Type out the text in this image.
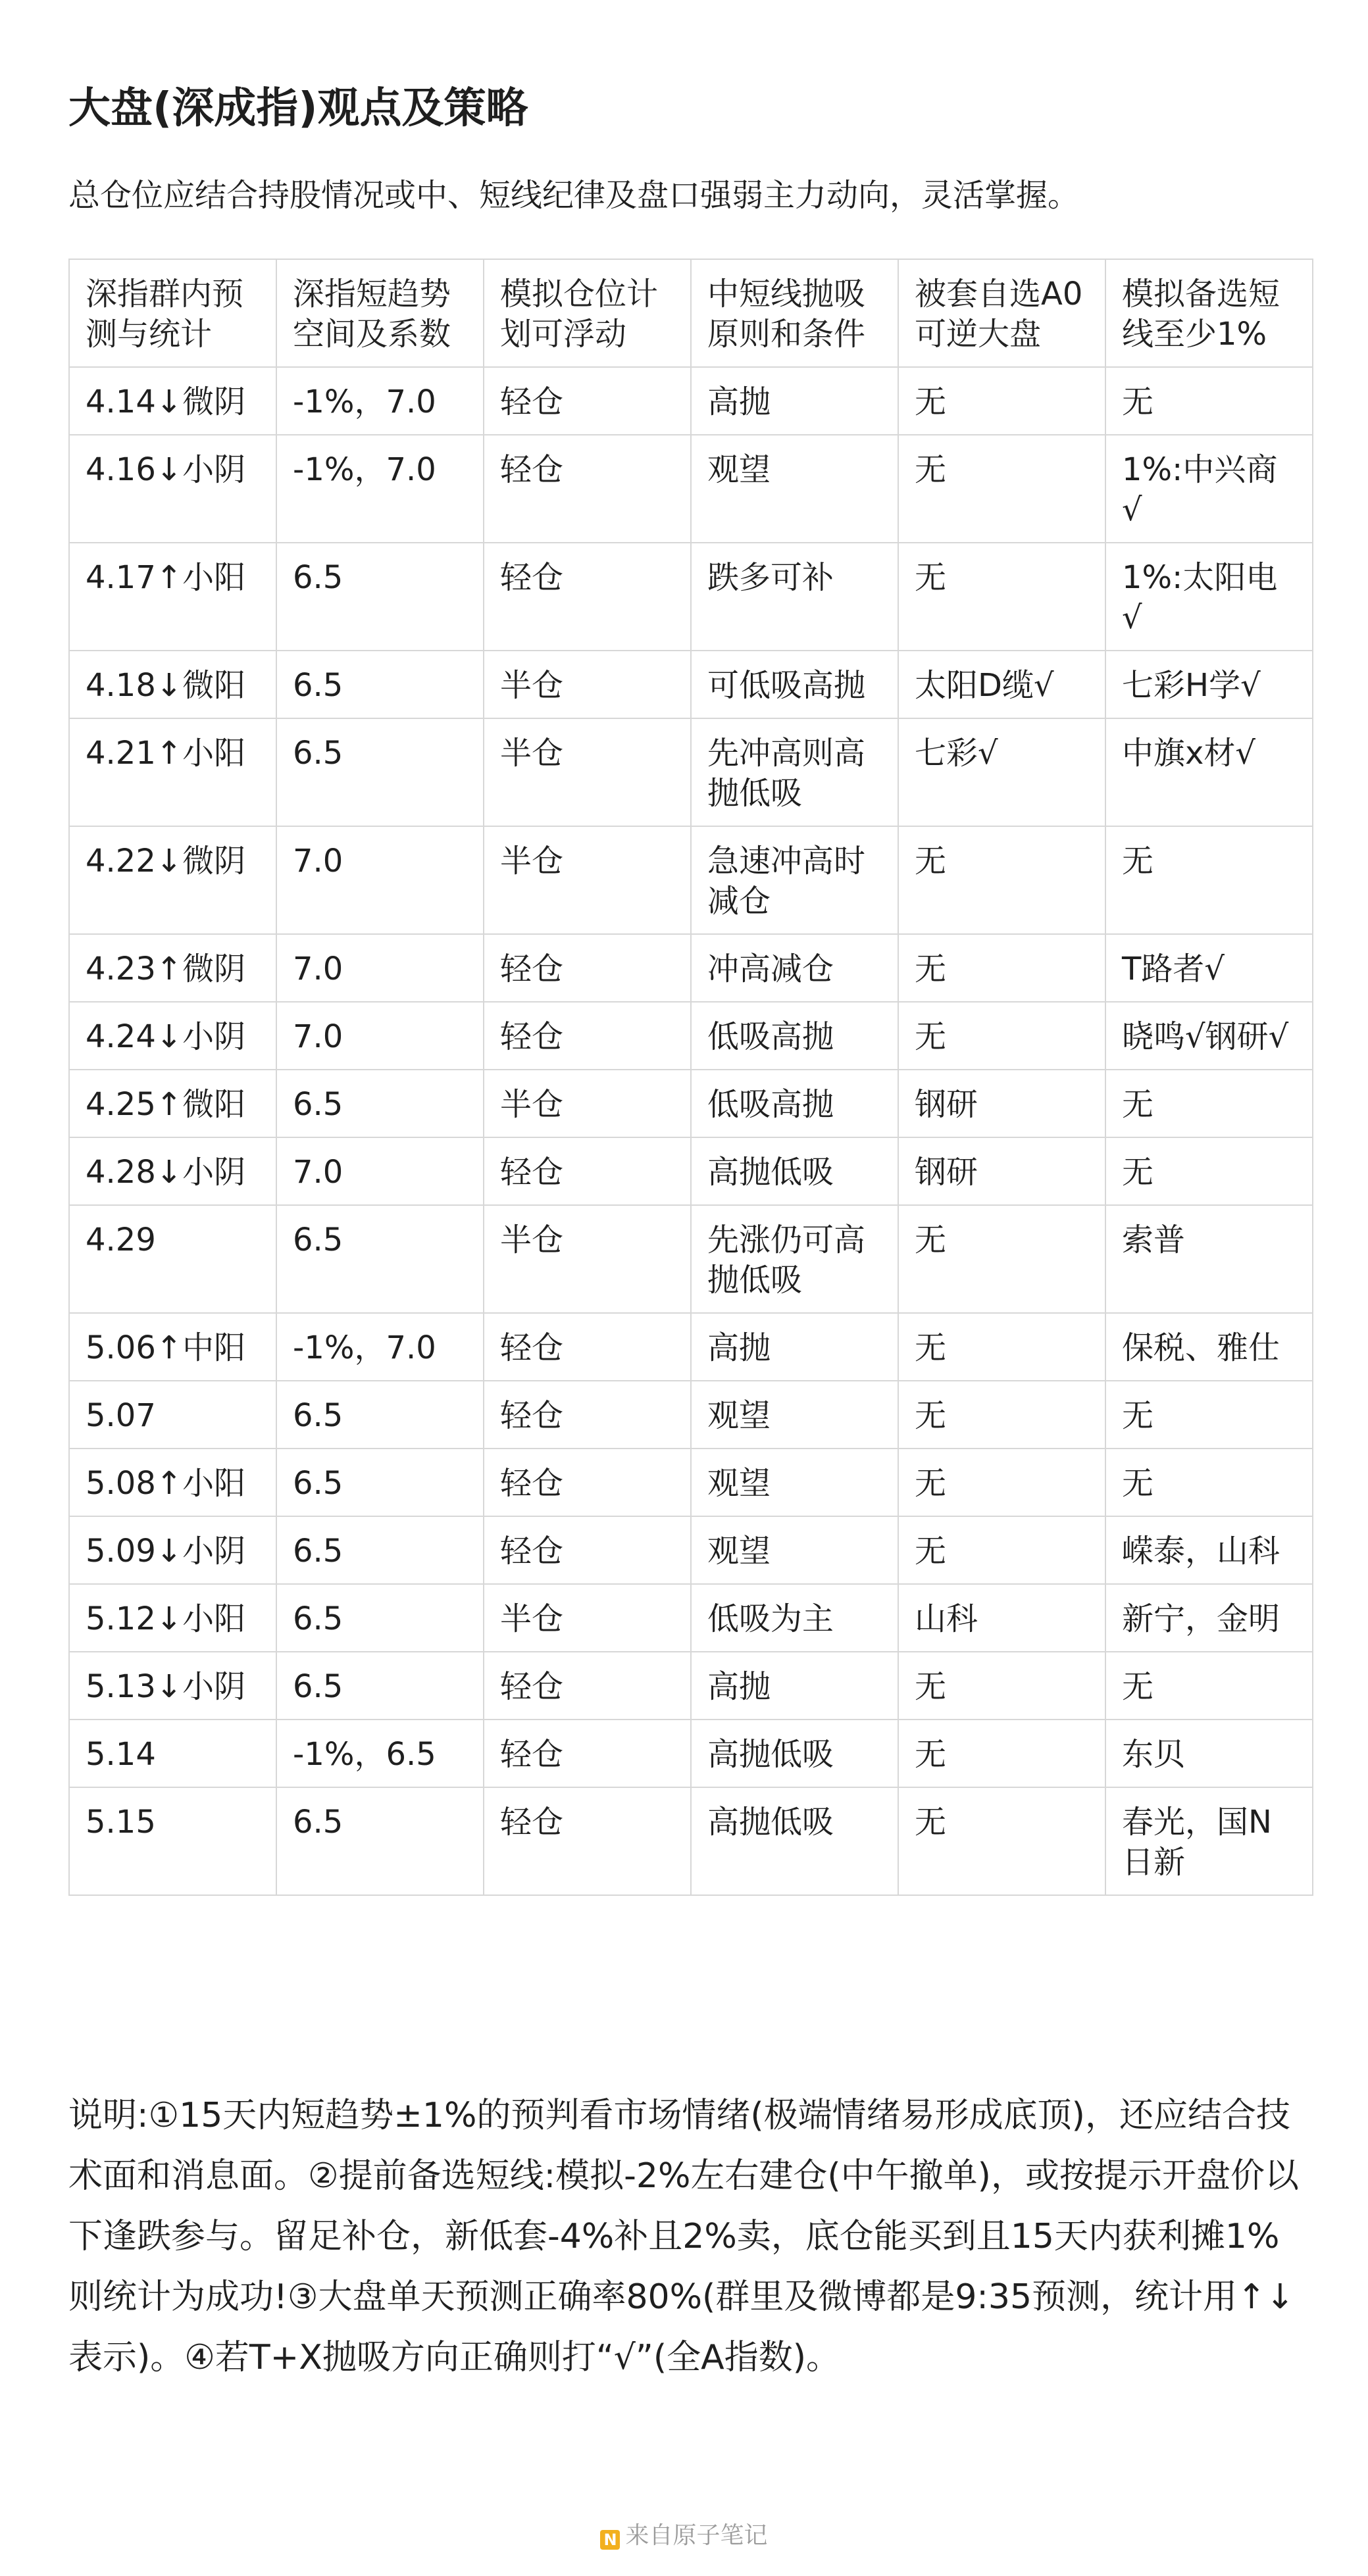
大盘(深成指)观点及策略

总仓位应结合持股情况或中、短线纪律及盘口强弱主力动向，灵活掌握。

深指群内预测与统计	深指短趋势空间及系数	模拟仓位计划可浮动	中短线抛吸原则和条件	被套自选A0可逆大盘	模拟备选短线至少1%
4.14↓微阴	-1%，7.0	轻仓	高抛	无	无
4.16↓小阴	-1%，7.0	轻仓	观望	无	1%:中兴商√
4.17↑小阳	6.5	轻仓	跌多可补	无	1%:太阳电√
4.18↓微阳	6.5	半仓	可低吸高抛	太阳D缆√	七彩H学√
4.21↑小阳	6.5	半仓	先冲高则高抛低吸	七彩√	中旗x材√
4.22↓微阴	7.0	半仓	急速冲高时减仓	无	无
4.23↑微阴	7.0	轻仓	冲高减仓	无	T路者√
4.24↓小阴	7.0	轻仓	低吸高抛	无	晓鸣√钢研√
4.25↑微阳	6.5	半仓	低吸高抛	钢研	无
4.28↓小阴	7.0	轻仓	高抛低吸	钢研	无
4.29	6.5	半仓	先涨仍可高抛低吸	无	索普
5.06↑中阳	-1%，7.0	轻仓	高抛	无	保税、雅仕
5.07	6.5	轻仓	观望	无	无
5.08↑小阳	6.5	轻仓	观望	无	无
5.09↓小阴	6.5	轻仓	观望	无	嵘泰，山科
5.12↓小阳	6.5	半仓	低吸为主	山科	新宁，金明
5.13↓小阴	6.5	轻仓	高抛	无	无
5.14	-1%，6.5	轻仓	高抛低吸	无	东贝
5.15	6.5	轻仓	高抛低吸	无	春光，国N日新

说明:①15天内短趋势±1%的预判看市场情绪(极端情绪易形成底顶)，还应结合技术面和消息面。②提前备选短线:模拟-2%左右建仓(中午撤单)，或按提示开盘价以下逢跌参与。留足补仓，新低套-4%补且2%卖，底仓能买到且15天内获利摊1%则统计为成功!③大盘单天预测正确率80%(群里及微博都是9:35预测，统计用↑↓表示)。④若T+X抛吸方向正确则打“√”(全A指数)。

N 来自原子笔记
